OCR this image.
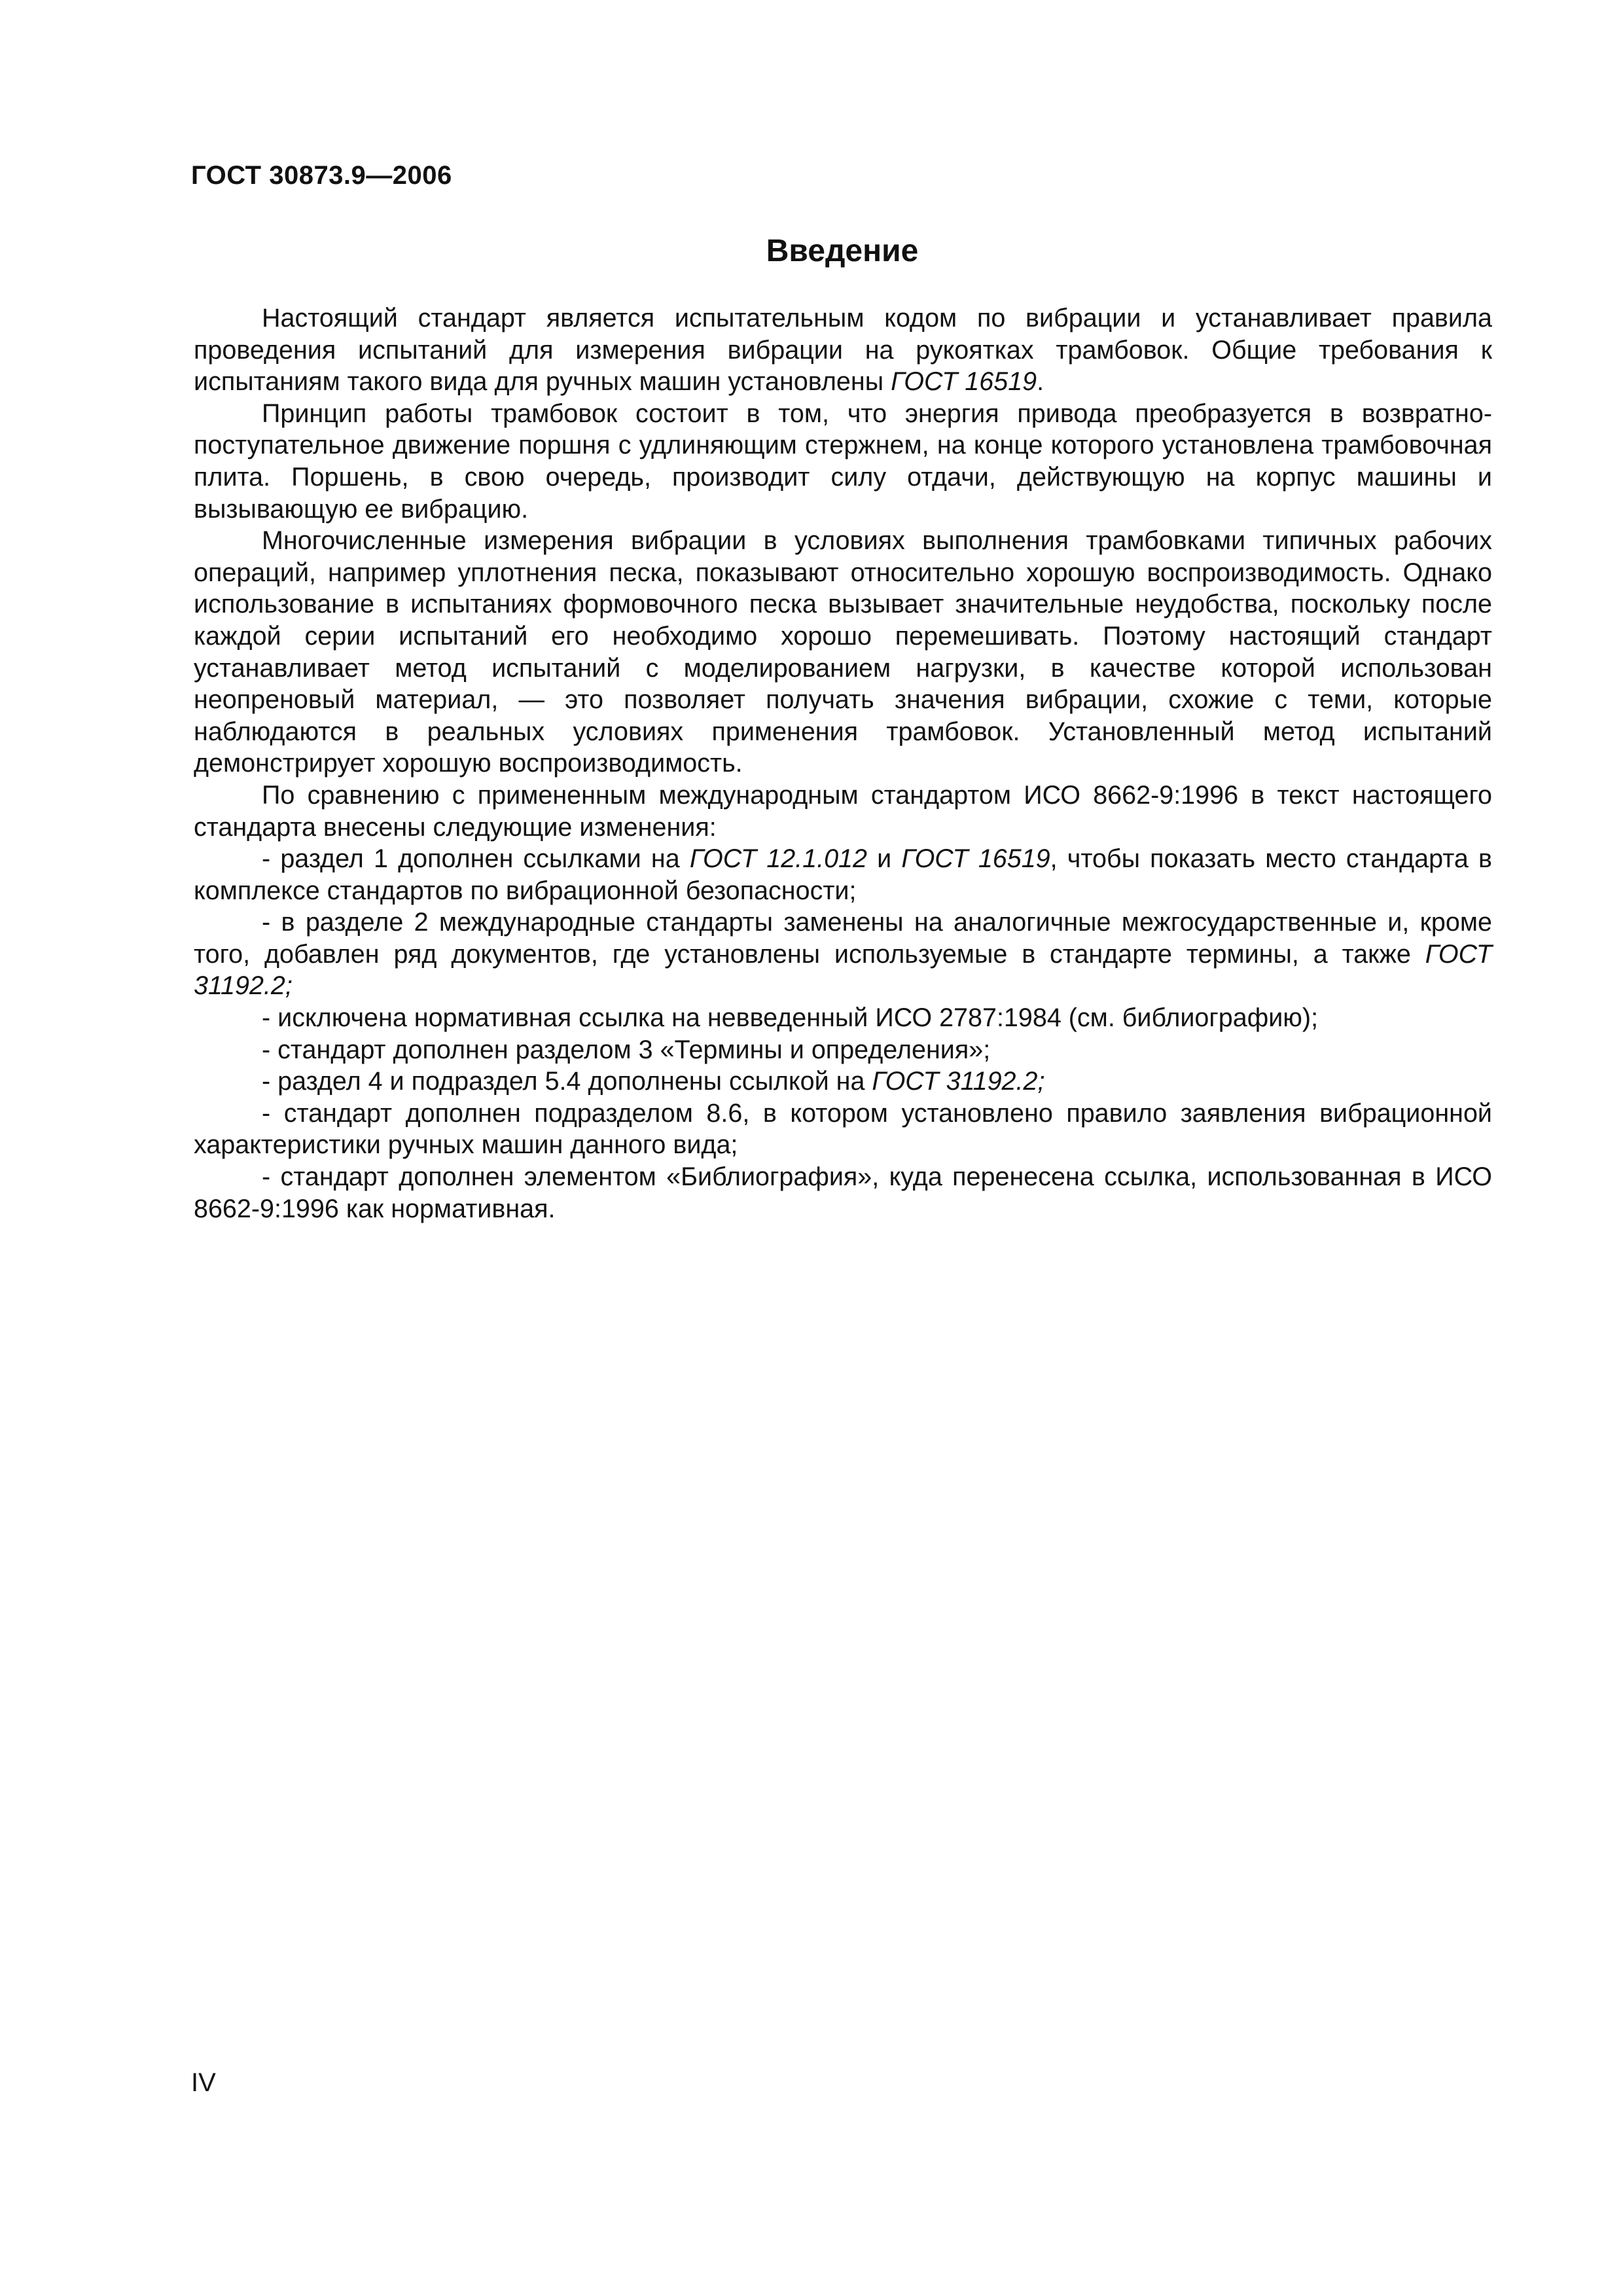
ГОСТ 30873.9—2006
Введение

Настоящий стандарт является испытательным кодом по вибрации и устанавливает правила проведения испытаний для измерения вибрации на рукоятках трамбовок. Общие требования к испытаниям такого вида для ручных машин установлены ГОСТ 16519.

Принцип работы трамбовок состоит в том, что энергия привода преобразуется в возвратно-поступательное движение поршня с удлиняющим стержнем, на конце которого установлена трамбовочная плита. Поршень, в свою очередь, производит силу отдачи, действующую на корпус машины и вызывающую ее вибрацию.

Многочисленные измерения вибрации в условиях выполнения трамбовками типичных рабочих операций, например уплотнения песка, показывают относительно хорошую воспроизводимость. Однако использование в испытаниях формовочного песка вызывает значительные неудобства, поскольку после каждой серии испытаний его необходимо хорошо перемешивать. Поэтому настоящий стандарт устанавливает метод испытаний с моделированием нагрузки, в качестве которой использован неопреновый материал, — это позволяет получать значения вибрации, схожие с теми, которые наблюдаются в реальных условиях применения трамбовок. Установленный метод испытаний демонстрирует хорошую воспроизводимость.

По сравнению с примененным международным стандартом ИСО 8662-9:1996 в текст настоящего стандарта внесены следующие изменения:

- раздел 1 дополнен ссылками на ГОСТ 12.1.012 и ГОСТ 16519, чтобы показать место стандарта в комплексе стандартов по вибрационной безопасности;

- в разделе 2 международные стандарты заменены на аналогичные межгосударственные и, кроме того, добавлен ряд документов, где установлены используемые в стандарте термины, а также ГОСТ 31192.2;

- исключена нормативная ссылка на невведенный ИСО 2787:1984 (см. библиографию);

- стандарт дополнен разделом 3 «Термины и определения»;

- раздел 4 и подраздел 5.4 дополнены ссылкой на ГОСТ 31192.2;

- стандарт дополнен подразделом 8.6, в котором установлено правило заявления вибрационной характеристики ручных машин данного вида;

- стандарт дополнен элементом «Библиография», куда перенесена ссылка, использованная в ИСО 8662-9:1996 как нормативная.

IV
